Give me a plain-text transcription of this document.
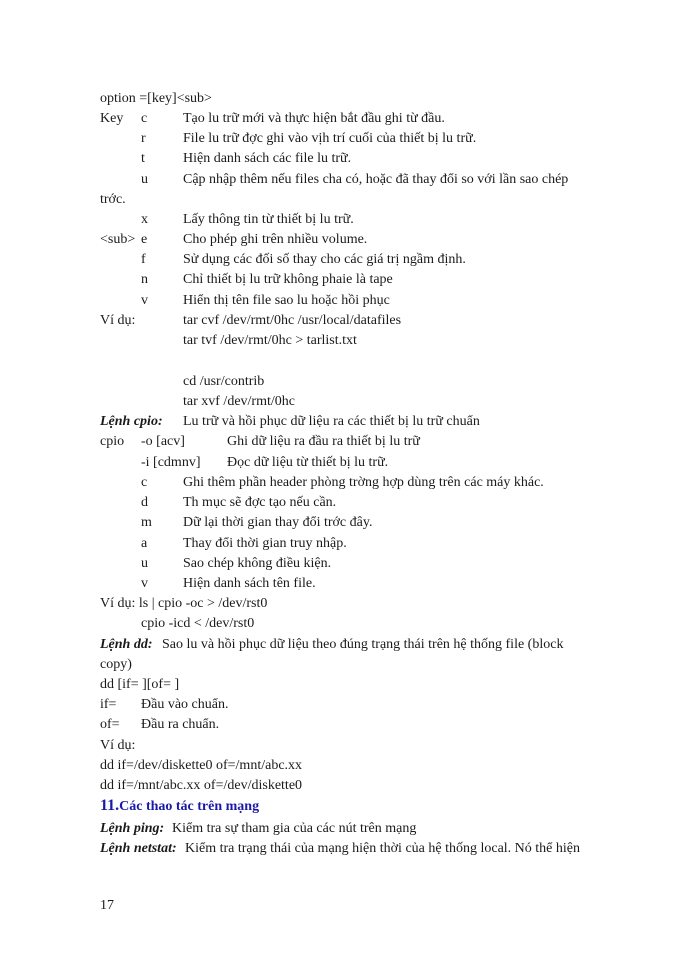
option =[key]<sub>
Key c	Tạo lu trữ mới và thực hiện bắt đầu ghi từ đầu.
r	File lu trữ đợc ghi vào vịh trí cuối của thiết bị lu trữ.
t	Hiện danh sách các file lu trữ.
u	Cập nhập thêm nếu files cha có, hoặc đã thay đổi so với lần sao chép
trớc.
x	Lấy thông tin từ thiết bị lu trữ.
<sub> e	Cho phép ghi trên nhiều volume.
f	Sử dụng các đối số thay cho các giá trị ngầm định.
n	Chỉ thiết bị lu trữ không phaie là tape
v	Hiển thị tên file sao lu hoặc hồi phục
Ví dụ:	tar cvf /dev/rmt/0hc /usr/local/datafiles
tar tvf /dev/rmt/0hc > tarlist.txt
cd /usr/contrib
tar xvf /dev/rmt/0hc
Lệnh cpio: Lu trữ và hồi phục dữ liệu ra các thiết bị lu trữ chuẩn
cpio -o [acv]	Ghi dữ liệu ra đầu ra thiết bị lu trữ
-i [cdmnv] Đọc dữ liệu từ thiết bị lu trữ.
c	Ghi thêm phần header phòng trờng hợp dùng trên các máy khác.
d	Th mục sẽ đợc tạo nếu cần.
m Dữ lại thời gian thay đổi trớc đây.
a	Thay đổi thời gian truy nhập.
u	Sao chép không điều kiện.
v	Hiện danh sách tên file.
Ví dụ: ls | cpio -oc > /dev/rst0
cpio -icd < /dev/rst0
Lệnh dd: Sao lu và hồi phục dữ liệu theo đúng trạng thái trên hệ thống file (block
copy)
dd [if= ][of= ]
if= Đầu vào chuẩn.
of= Đầu ra chuẩn.
Ví dụ:
dd if=/dev/diskette0 of=/mnt/abc.xx
dd if=/mnt/abc.xx of=/dev/diskette0
11.Các thao tác trên mạng
Lệnh ping: Kiểm tra sự tham gia của các nút trên mạng
Lệnh netstat: Kiểm tra trạng thái của mạng hiện thời của hệ thống local. Nó thể hiện
17
